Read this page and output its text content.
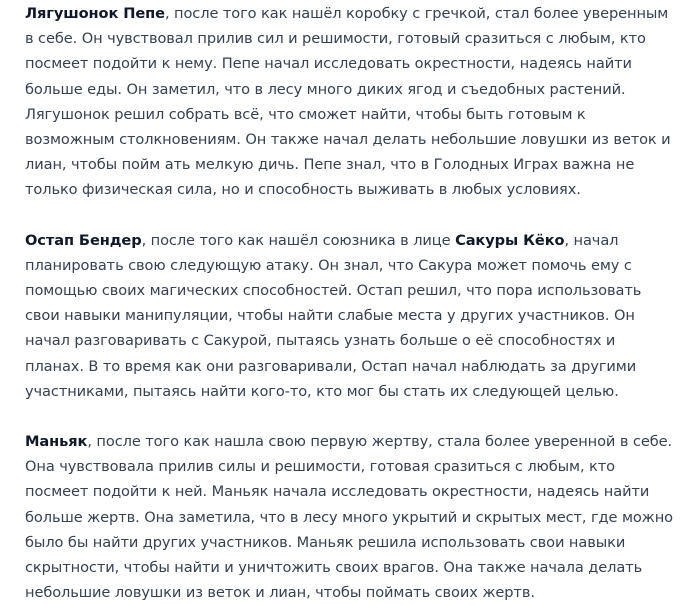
Лягушонок Пепе, после того как нашёл коробку с гречкой, стал более уверенным в себе. Он чувствовал прилив сил и решимости, готовый сразиться с любым, кто посмеет подойти к нему. Пепе начал исследовать окрестности, надеясь найти больше еды. Он заметил, что в лесу много диких ягод и съедобных растений. Лягушонок решил собрать всё, что сможет найти, чтобы быть готовым к возможным столкновениям. Он также начал делать небольшие ловушки из веток и лиан, чтобы пойм ать мелкую дичь. Пепе знал, что в Голодных Играх важна не только физическая сила, но и способность выживать в любых условиях.

Остап Бендер, после того как нашёл союзника в лице Сакуры Кёко, начал планировать свою следующую атаку. Он знал, что Сакура может помочь ему с помощью своих магических способностей. Остап решил, что пора использовать свои навыки манипуляции, чтобы найти слабые места у других участников. Он начал разговаривать с Сакурой, пытаясь узнать больше о её способностях и планах. В то время как они разговаривали, Остап начал наблюдать за другими участниками, пытаясь найти кого-то, кто мог бы стать их следующей целью.

Маньяк, после того как нашла свою первую жертву, стала более уверенной в себе. Она чувствовала прилив силы и решимости, готовая сразиться с любым, кто посмеет подойти к ней. Маньяк начала исследовать окрестности, надеясь найти больше жертв. Она заметила, что в лесу много укрытий и скрытых мест, где можно было бы найти других участников. Маньяк решила использовать свои навыки скрытности, чтобы найти и уничтожить своих врагов. Она также начала делать небольшие ловушки из веток и лиан, чтобы поймать своих жертв.
